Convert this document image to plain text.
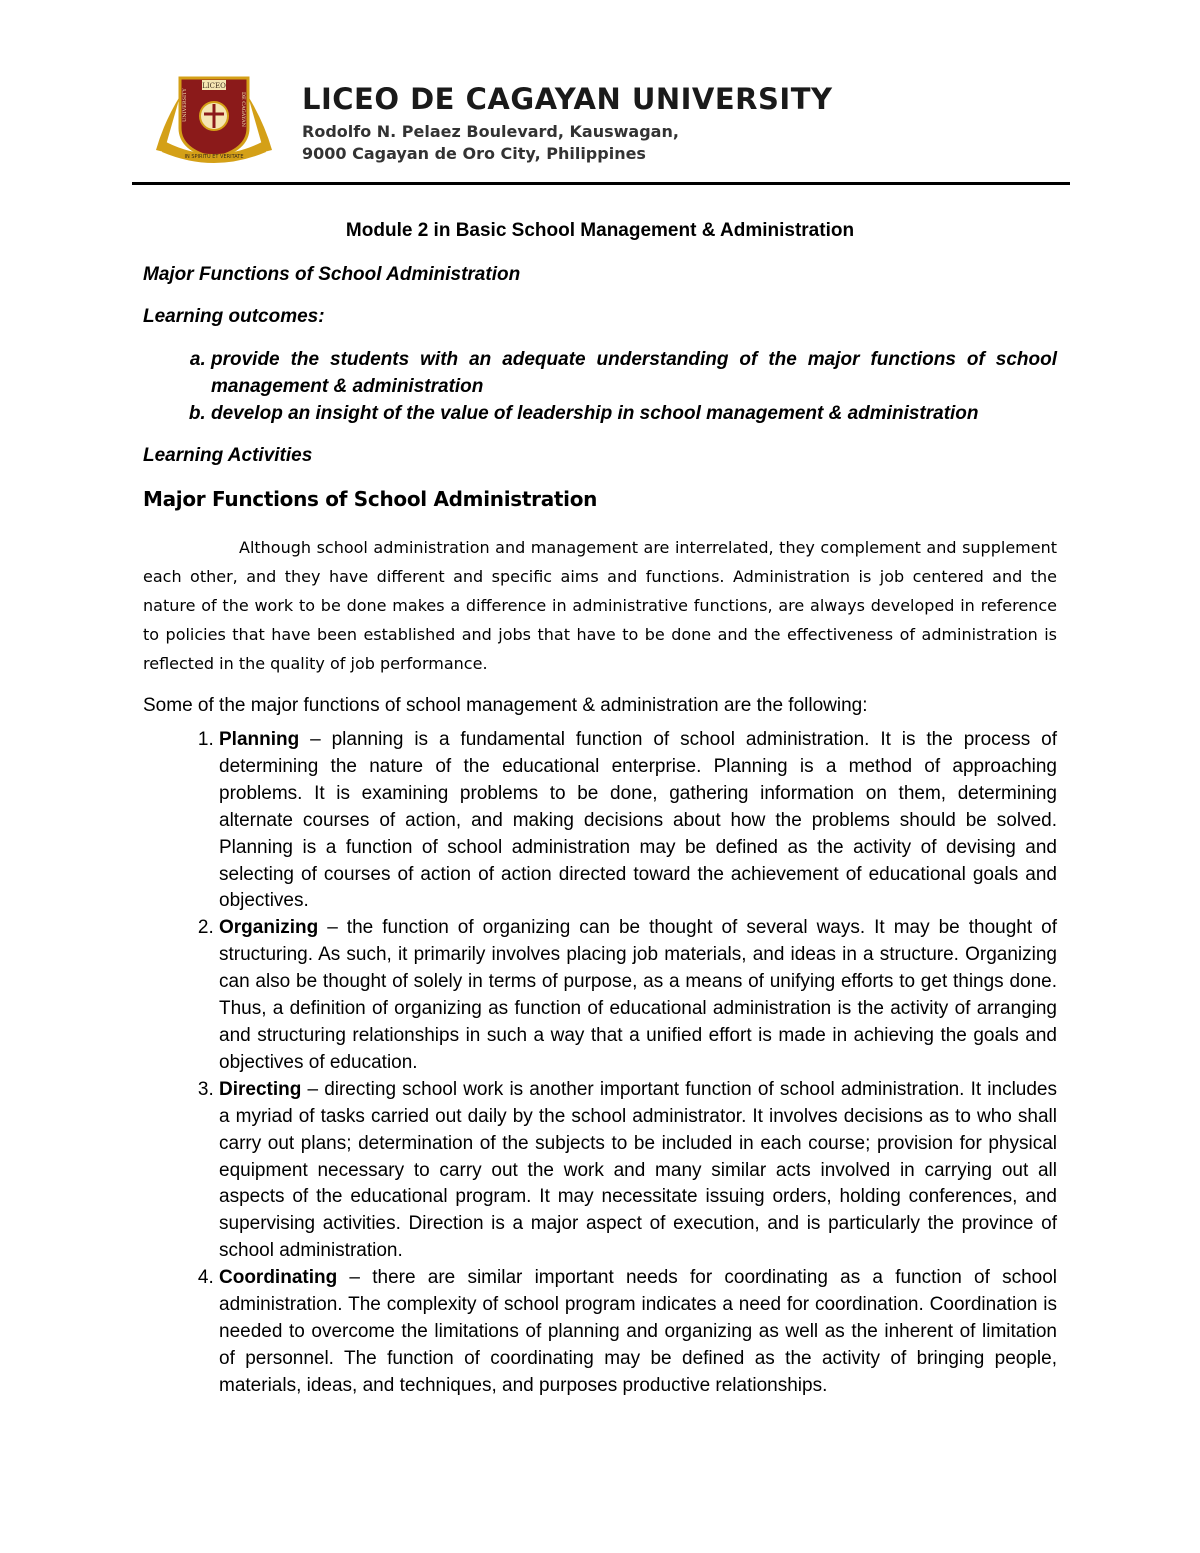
LICEO
UNIVERSITY	DE CAGAYAN
IN SPIRITU ET VERITATE
LICEO DE CAGAYAN UNIVERSITY
Rodolfo N. Pelaez Boulevard, Kauswagan,
9000 Cagayan de Oro City, Philippines
Module 2 in Basic School Management & Administration
Major Functions of School Administration
Learning outcomes:
a. provide the students with an adequate understanding of the major functions of school management & administration
b. develop an insight of the value of leadership in school management & administration
Learning Activities
Major Functions of School Administration

Although school administration and management are interrelated, they complement and supplement each other, and they have different and specific aims and functions. Administration is job centered and the nature of the work to be done makes a difference in administrative functions, are always developed in reference to policies that have been established and jobs that have to be done and the effectiveness of administration is reflected in the quality of job performance.

Some of the major functions of school management & administration are the following:

1. Planning – planning is a fundamental function of school administration. It is the process of determining the nature of the educational enterprise. Planning is a method of approaching problems. It is examining problems to be done, gathering information on them, determining alternate courses of action, and making decisions about how the problems should be solved. Planning is a function of school administration may be defined as the activity of devising and selecting of courses of action of action directed toward the achievement of educational goals and objectives.
2. Organizing – the function of organizing can be thought of several ways. It may be thought of structuring. As such, it primarily involves placing job materials, and ideas in a structure. Organizing can also be thought of solely in terms of purpose, as a means of unifying efforts to get things done. Thus, a definition of organizing as function of educational administration is the activity of arranging and structuring relationships in such a way that a unified effort is made in achieving the goals and objectives of education.
3. Directing – directing school work is another important function of school administration. It includes a myriad of tasks carried out daily by the school administrator. It involves decisions as to who shall carry out plans; determination of the subjects to be included in each course; provision for physical equipment necessary to carry out the work and many similar acts involved in carrying out all aspects of the educational program. It may necessitate issuing orders, holding conferences, and supervising activities. Direction is a major aspect of execution, and is particularly the province of school administration.
4. Coordinating – there are similar important needs for coordinating as a function of school administration. The complexity of school program indicates a need for coordination. Coordination is needed to overcome the limitations of planning and organizing as well as the inherent of limitation of personnel. The function of coordinating may be defined as the activity of bringing people, materials, ideas, and techniques, and purposes productive relationships.
